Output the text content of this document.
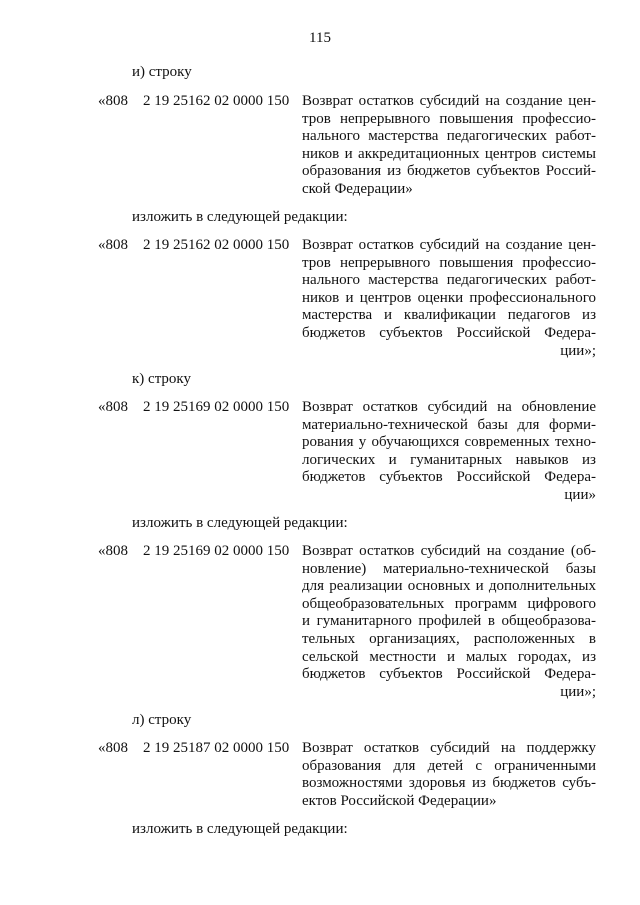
115
и) строку
«808 2 19 25162 02 0000 150 Возврат остатков субсидий на создание цен-
тров непрерывного повышения профессио-
нального мастерства педагогических работ-
ников и аккредитационных центров системы
образования из бюджетов субъектов Россий-
ской Федерации»
изложить в следующей редакции:
«808 2 19 25162 02 0000 150 Возврат остатков субсидий на создание цен-
тров непрерывного повышения профессио-
нального мастерства педагогических работ-
ников и центров оценки профессионального
мастерства и квалификации педагогов из
бюджетов субъектов Российской Федера-
ции»;
к) строку
«808 2 19 25169 02 0000 150 Возврат остатков субсидий на обновление
материально-технической базы для форми-
рования у обучающихся современных техно-
логических и гуманитарных навыков из
бюджетов субъектов Российской Федера-
ции»
изложить в следующей редакции:
«808 2 19 25169 02 0000 150 Возврат остатков субсидий на создание (об-
новление) материально-технической базы
для реализации основных и дополнительных
общеобразовательных программ цифрового
и гуманитарного профилей в общеобразова-
тельных организациях, расположенных в
сельской местности и малых городах, из
бюджетов субъектов Российской Федера-
ции»;
л) строку
«808 2 19 25187 02 0000 150 Возврат остатков субсидий на поддержку
образования для детей с ограниченными
возможностями здоровья из бюджетов субъ-
ектов Российской Федерации»
изложить в следующей редакции:
